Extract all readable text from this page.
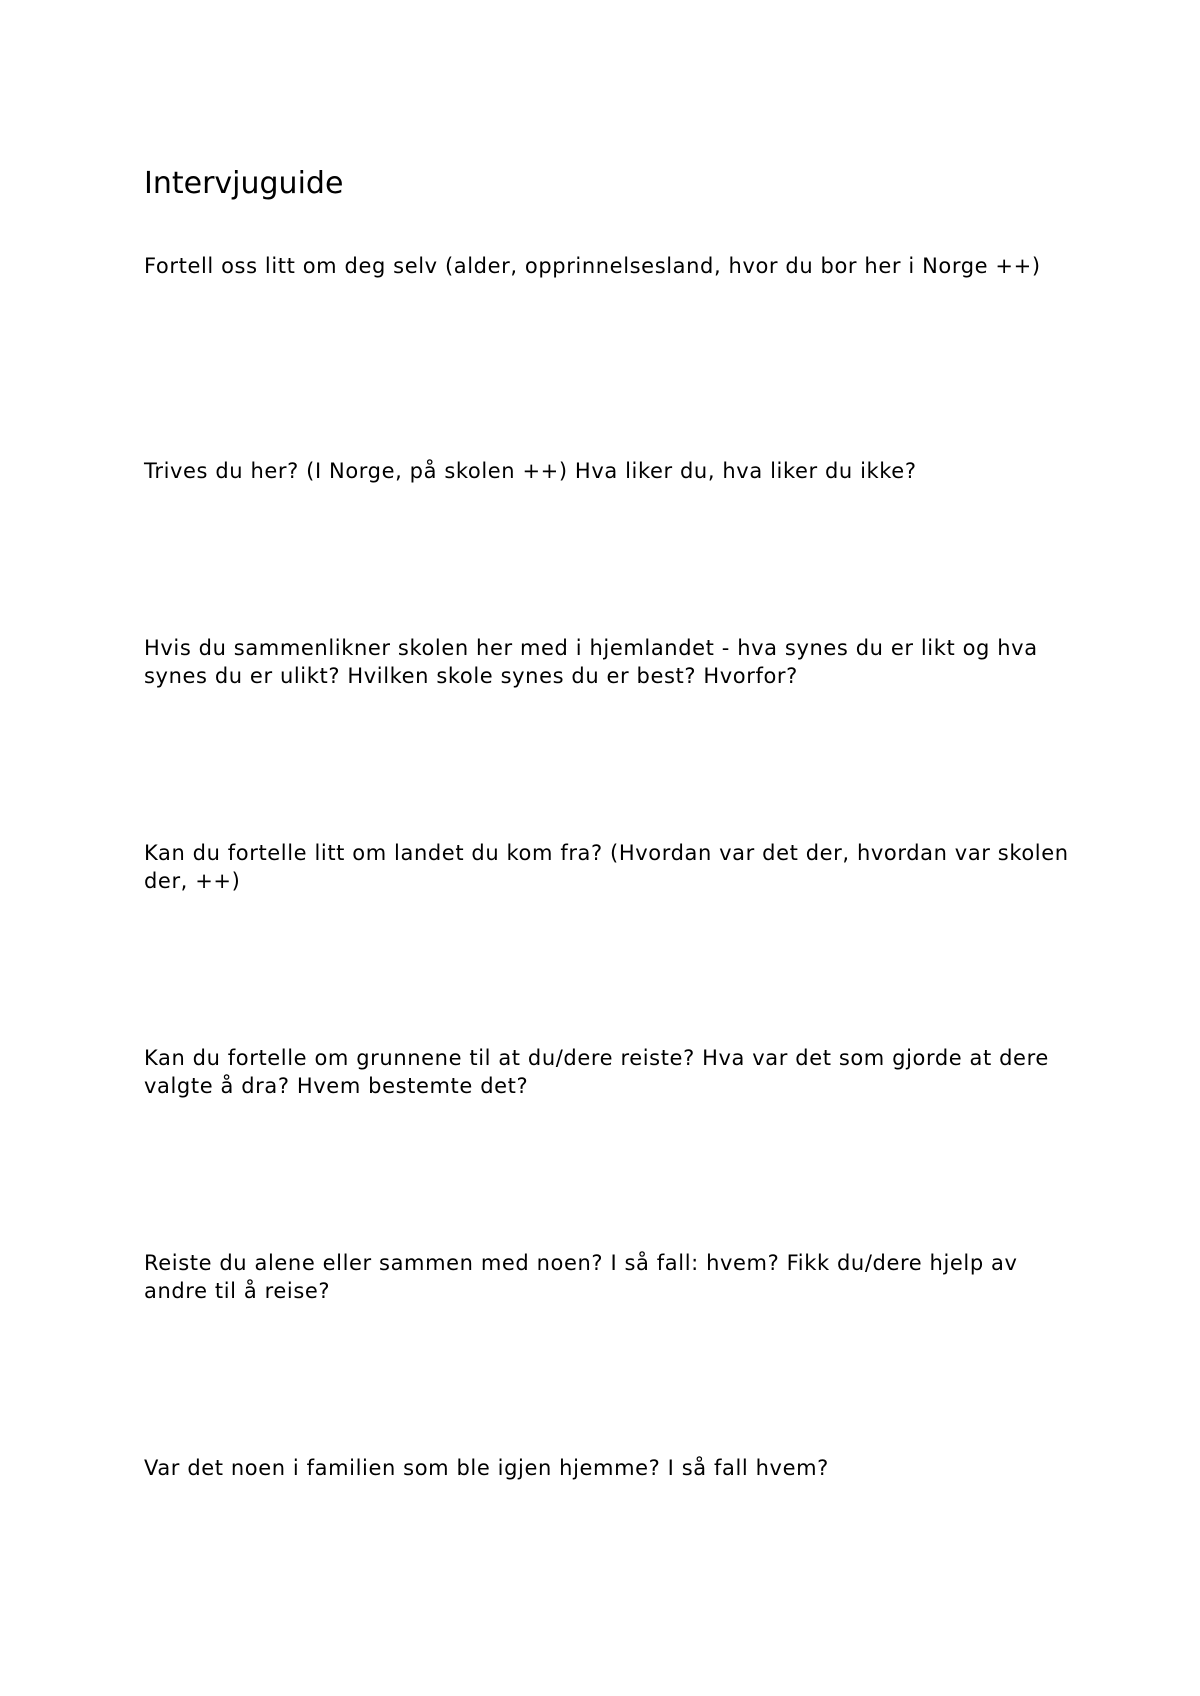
Intervjuguide

Fortell oss litt om deg selv (alder, opprinnelsesland, hvor du bor her i Norge ++)

Trives du her? (I Norge, på skolen ++) Hva liker du, hva liker du ikke?

Hvis du sammenlikner skolen her med i hjemlandet - hva synes du er likt og hva synes du er ulikt? Hvilken skole synes du er best? Hvorfor?

Kan du fortelle litt om landet du kom fra? (Hvordan var det der, hvordan var skolen der, ++)

Kan du fortelle om grunnene til at du/dere reiste? Hva var det som gjorde at dere valgte å dra? Hvem bestemte det?

Reiste du alene eller sammen med noen? I så fall: hvem? Fikk du/dere hjelp av andre til å reise?

Var det noen i familien som ble igjen hjemme? I så fall hvem?
